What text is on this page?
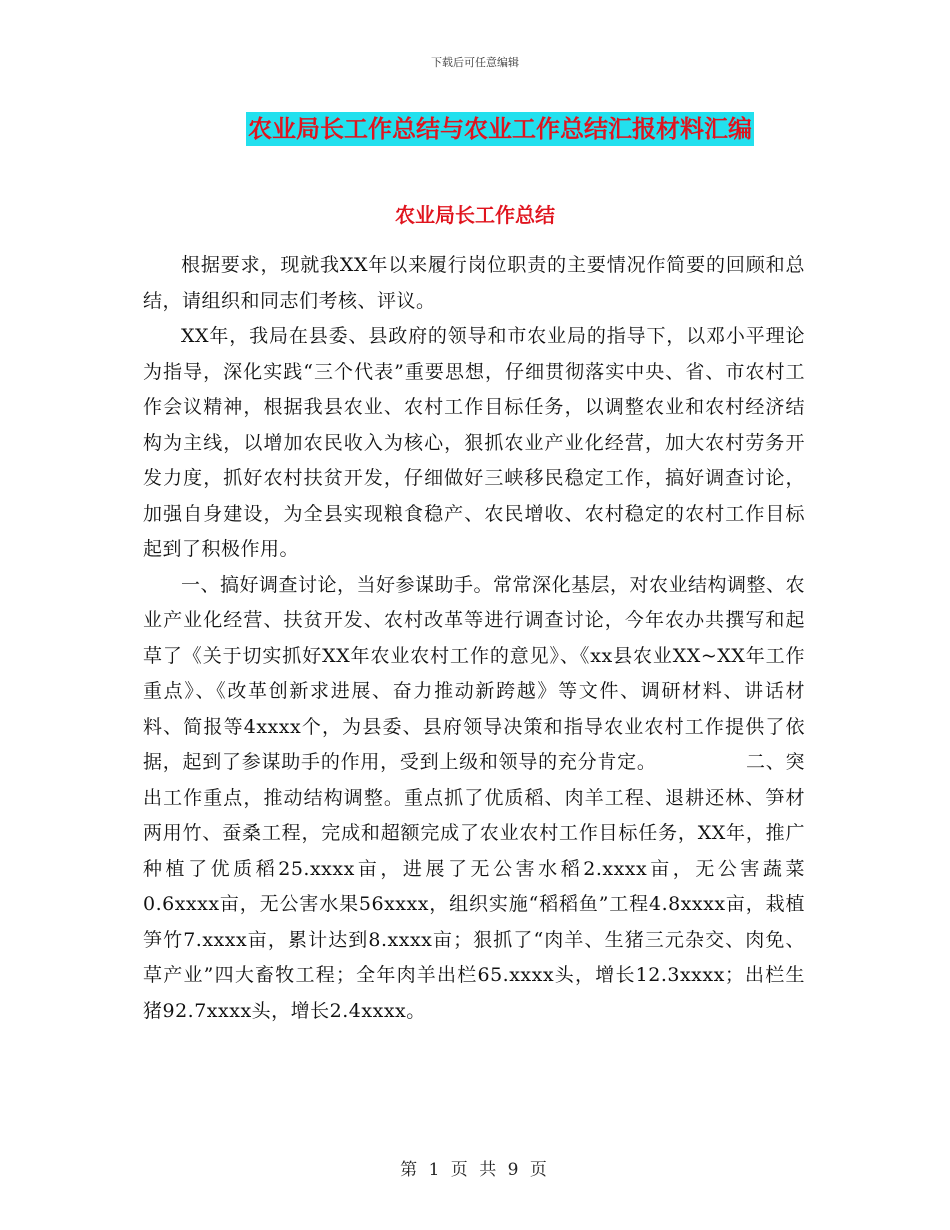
下载后可任意编辑
农业局长工作总结与农业工作总结汇报材料汇编
农业局长工作总结

根据要求，现就我XX年以来履行岗位职责的主要情况作简要的回顾和总结，请组织和同志们考核、评议。

XX年，我局在县委、县政府的领导和市农业局的指导下，以邓小平理论为指导，深化实践“三个代表”重要思想，仔细贯彻落实中央、省、市农村工作会议精神，根据我县农业、农村工作目标任务，以调整农业和农村经济结构为主线，以增加农民收入为核心，狠抓农业产业化经营，加大农村劳务开发力度，抓好农村扶贫开发，仔细做好三峡移民稳定工作，搞好调查讨论，加强自身建设，为全县实现粮食稳产、农民增收、农村稳定的农村工作目标起到了积极作用。

一、搞好调查讨论，当好参谋助手。常常深化基层，对农业结构调整、农业产业化经营、扶贫开发、农村改革等进行调查讨论，今年农办共撰写和起草了《关于切实抓好XX年农业农村工作的意见》、《xx县农业XX~XX年工作重点》、《改革创新求进展、奋力推动新跨越》等文件、调研材料、讲话材料、简报等4xxxx个，为县委、县府领导决策和指导农业农村工作提供了依据，起到了参谋助手的作用，受到上级和领导的充分肯定。　　　　　二、突出工作重点，推动结构调整。重点抓了优质稻、肉羊工程、退耕还林、笋材两用竹、蚕桑工程，完成和超额完成了农业农村工作目标任务，XX年，推广种植了优质稻25.xxxx亩，进展了无公害水稻2.xxxx亩，无公害蔬菜0.6xxxx亩，无公害水果56xxxx，组织实施“稻稻鱼”工程4.8xxxx亩，栽植笋竹7.xxxx亩，累计达到8.xxxx亩；狠抓了“肉羊、生猪三元杂交、肉免、草产业”四大畜牧工程；全年肉羊出栏65.xxxx头，增长12.3xxxx；出栏生猪92.7xxxx头，增长2.4xxxx。

第 1 页 共 9 页
